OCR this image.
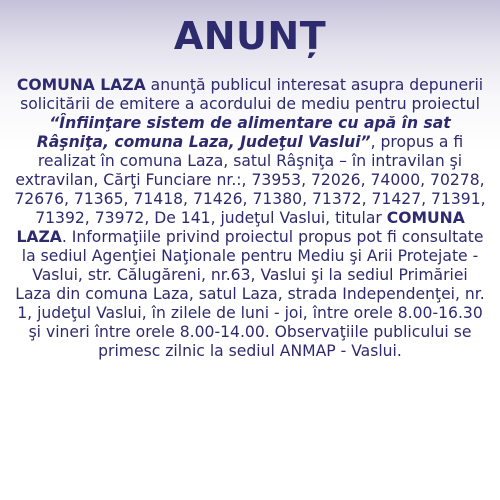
ANUNȚ

COMUNA LAZA anunţă publicul interesat asupra depunerii solicitării de emitere a acordului de mediu pentru proiectul “Înfiinţare sistem de alimentare cu apă în sat Râşniţa, comuna Laza, Judeţul Vaslui”, propus a fi realizat în comuna Laza, satul Râşniţa – în intravilan şi extravilan, Cărţi Funciare nr.:, 73953, 72026, 74000, 70278, 72676, 71365, 71418, 71426, 71380, 71372, 71427, 71391, 71392, 73972, De 141, judeţul Vaslui, titular COMUNA LAZA. Informaţiile privind proiectul propus pot fi consultate la sediul Agenţiei Naţionale pentru Mediu şi Arii Protejate - Vaslui, str. Călugăreni, nr.63, Vaslui şi la sediul Primăriei Laza din comuna Laza, satul Laza, strada Independenţei, nr. 1, judeţul Vaslui, în zilele de luni - joi, între orele 8.00-16.30 şi vineri între orele 8.00-14.00. Observaţiile publicului se primesc zilnic la sediul ANMAP - Vaslui.
